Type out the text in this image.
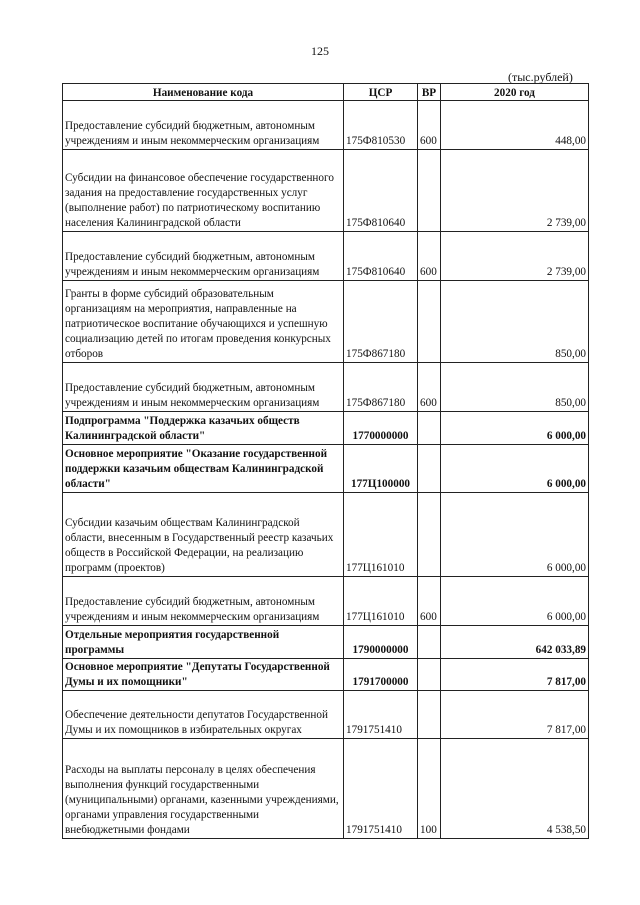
125
(тыс.рублей)
Наименование кода	ЦСР	ВР	2020 год
Предоставление субсидий бюджетным, автономным учреждениям и иным некоммерческим организациям	175Ф810530	600	448,00
Субсидии на финансовое обеспечение государственного задания на предоставление государственных услуг (выполнение работ) по патриотическому воспитанию населения Калининградской области	175Ф810640		2 739,00
Предоставление субсидий бюджетным, автономным учреждениям и иным некоммерческим организациям	175Ф810640	600	2 739,00
Гранты в форме субсидий образовательным организациям на мероприятия, направленные на патриотическое воспитание обучающихся и успешную социализацию детей по итогам проведения конкурсных отборов	175Ф867180		850,00
Предоставление субсидий бюджетным, автономным учреждениям и иным некоммерческим организациям	175Ф867180	600	850,00
Подпрограмма "Поддержка казачьих обществ Калининградской области"	1770000000		6 000,00
Основное мероприятие "Оказание государственной поддержки казачьим обществам Калининградской области"	177Ц100000		6 000,00
Субсидии казачьим обществам Калининградской области, внесенным в Государственный реестр казачьих обществ в Российской Федерации, на реализацию программ (проектов)	177Ц161010		6 000,00
Предоставление субсидий бюджетным, автономным учреждениям и иным некоммерческим организациям	177Ц161010	600	6 000,00
Отдельные мероприятия государственной программы	1790000000		642 033,89
Основное мероприятие "Депутаты Государственной Думы и их помощники"	1791700000		7 817,00
Обеспечение деятельности депутатов Государственной Думы и их помощников в избирательных округах	1791751410		7 817,00
Расходы на выплаты персоналу в целях обеспечения выполнения функций государственными (муниципальными) органами, казенными учреждениями, органами управления государственными внебюджетными фондами	1791751410	100	4 538,50
